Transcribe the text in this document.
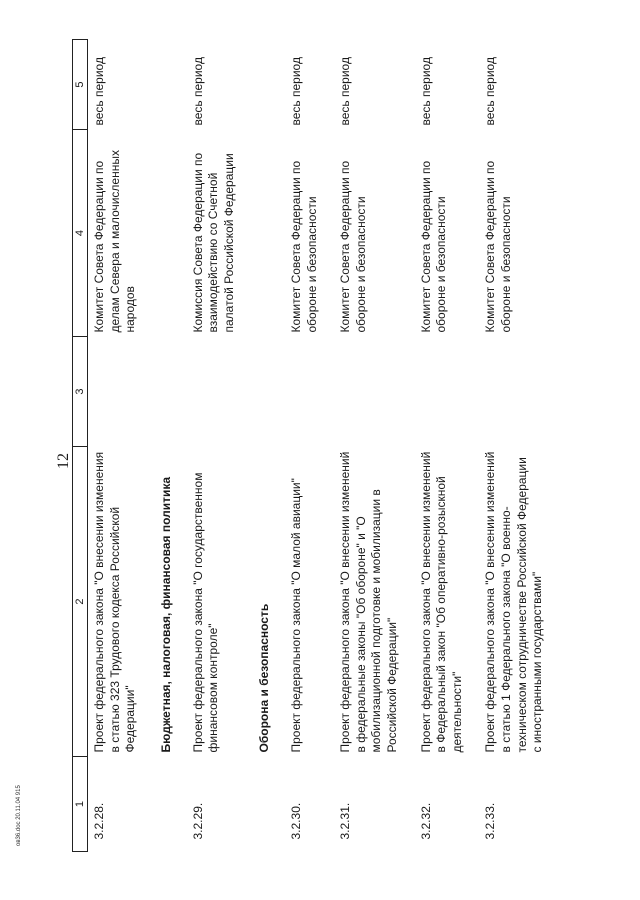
12
ов36.doc 20.11.04 915	1	2	3	4	5
3.2.28.	Проект федерального закона "О внесении изменения в статью 323 Трудового кодекса Российской Федерации"		Комитет Совета Федерации по делам Севера и малочисленных народов	весь период
	Бюджетная, налоговая, финансовая политика			
3.2.29.	Проект федерального закона "О государственном финансовом контроле"		Комиссия Совета Федерации по взаимодействию со Счетной палатой Российской Федерации	весь период
	Оборона и безопасность			
3.2.30.	Проект федерального закона "О малой авиации"		Комитет Совета Федерации по обороне и безопасности	весь период
3.2.31.	Проект федерального закона "О внесении изменений в федеральные законы "Об обороне" и "О мобилизационной подготовке и мобилизации в Российской Федерации"		Комитет Совета Федерации по обороне и безопасности	весь период
3.2.32.	Проект федерального закона "О внесении изменений в Федеральный закон "Об оперативно-розыскной деятельности"		Комитет Совета Федерации по обороне и безопасности	весь период
3.2.33.	Проект федерального закона "О внесении изменений в статью 1 Федерального закона "О военно-техническом сотрудничестве Российской Федерации с иностранными государствами"		Комитет Совета Федерации по обороне и безопасности	весь период
